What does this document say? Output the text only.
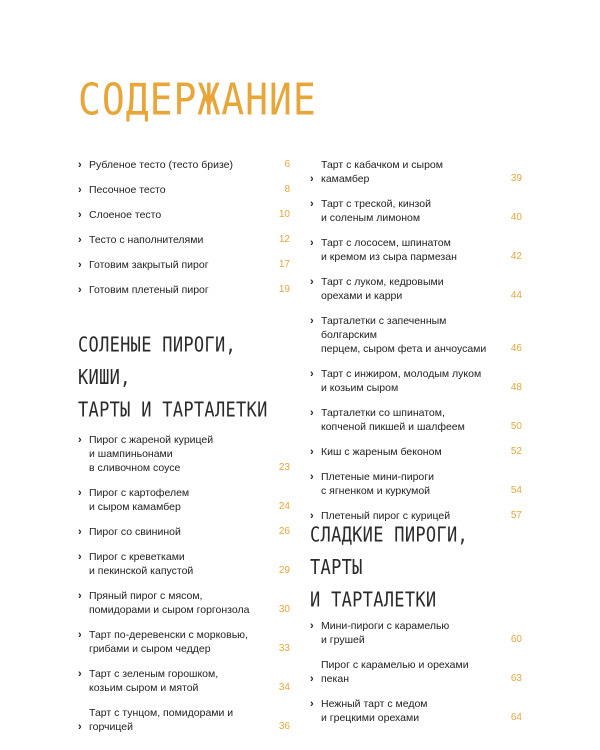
СОДЕРЖАНИЕ
› Рубленое тесто (тесто бризе)	6
› Песочное тесто	8
› Слоеное тесто	10
› Тесто с наполнителями	12
› Готовим закрытый пирог	17
› Готовим плетеный пирог	19
СОЛЕНЫЕ ПИРОГИ, КИШИ,
ТАРТЫ И ТАРТАЛЕТКИ
› Пирог с жареной курицей
и шампиньонами
в сливочном соусе	23
› Пирог с картофелем
и сыром камамбер	24
› Пирог со свининой	26
› Пирог с креветками
и пекинской капустой	29
› Пряный пирог с мясом,
помидорами и сыром горгонзола	30
› Тарт по-деревенски с морковью,
грибами и сыром чеддер	33
› Тарт с зеленым горошком,
козьим сыром и мятой	34
›
Тарт с тунцом, помидорами и горчицей	36
›
Тарт с кабачком и сыром камамбер	39
› Тарт с треской, кинзой
и соленым лимоном	40
› Тарт с лососем, шпинатом
и кремом из сыра пармезан	42
› Тарт с луком, кедровыми
орехами и карри	44
› Тарталетки с запеченным болгарским
перцем, сыром фета и анчоусами	46
› Тарт с инжиром, молодым луком
и козьим сыром	48
› Тарталетки со шпинатом,
копченой пикшей и шалфеем	50
› Киш с жареным беконом	52
› Плетеные мини-пироги
с ягненком и куркумой	54
› Плетеный пирог с курицей	57
СЛАДКИЕ ПИРОГИ, ТАРТЫ
И ТАРТАЛЕТКИ
› Мини-пироги с карамелью
и грушей	60
›
Пирог с карамелью и орехами пекан	63
› Нежный тарт с медом
и грецкими орехами	64
